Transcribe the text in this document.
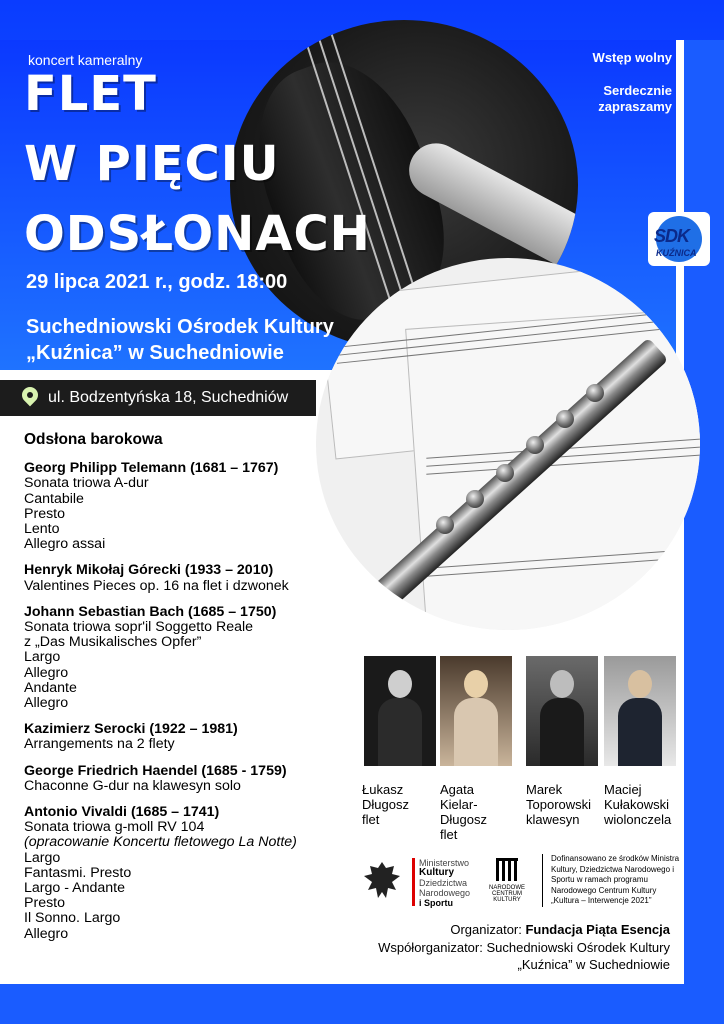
koncert kameralny
FLET
W PIĘCIU
ODSŁONACH
29 lipca 2021 r., godz. 18:00
Suchedniowski Ośrodek Kultury
„Kuźnica” w Suchedniowie
Wstęp wolny
Serdecznie
zapraszamy
SDK
KUŹNICA
ul. Bodzentyńska 18, Suchedniów
Odsłona barokowa
Georg Philipp Telemann (1681 – 1767)
Sonata triowa A-dur
Cantabile
Presto
Lento
Allegro assai
Henryk Mikołaj Górecki (1933 – 2010)
Valentines Pieces op. 16 na flet i dzwonek
Johann Sebastian Bach (1685 – 1750)
Sonata triowa sopr'il Soggetto Reale
z „Das Musikalisches Opfer”
Largo
Allegro
Andante
Allegro
Kazimierz Serocki (1922 – 1981)
Arrangements na 2 flety
George Friedrich Haendel (1685 - 1759)
Chaconne G-dur na klawesyn solo
Antonio Vivaldi (1685 – 1741)
Sonata triowa g-moll RV 104
(opracowanie Koncertu fletowego La Notte)
Largo
Fantasmi. Presto
Largo - Andante
Presto
Il Sonno. Largo
Allegro
Łukasz
Długosz
flet
Agata
Kielar-
Długosz
flet
Marek
Toporowski
klawesyn
Maciej
Kułakowski
wiolonczela
Ministerstwo
Kultury
Dziedzictwa
Narodowego
i Sportu
NARODOWE
CENTRUM
KULTURY
Dofinansowano ze środków Ministra Kultury, Dziedzictwa Narodowego i Sportu w ramach programu Narodowego Centrum Kultury „Kultura – Interwencje 2021”
Organizator: Fundacja Piąta Esencja
Współorganizator: Suchedniowski Ośrodek Kultury
„Kuźnica” w Suchedniowie
